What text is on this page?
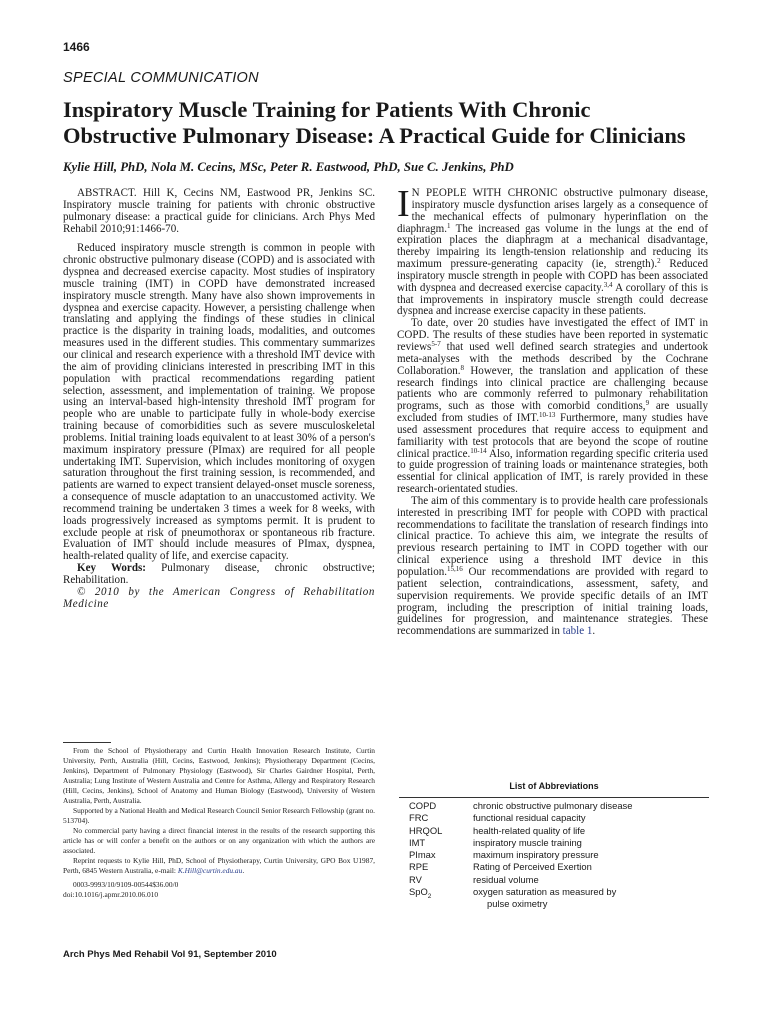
1466
SPECIAL COMMUNICATION
Inspiratory Muscle Training for Patients With Chronic
Obstructive Pulmonary Disease: A Practical Guide for Clinicians
Kylie Hill, PhD, Nola M. Cecins, MSc, Peter R. Eastwood, PhD, Sue C. Jenkins, PhD

ABSTRACT. Hill K, Cecins NM, Eastwood PR, Jenkins SC. Inspiratory muscle training for patients with chronic obstructive pulmonary disease: a practical guide for clinicians. Arch Phys Med Rehabil 2010;91:1466-70.

Reduced inspiratory muscle strength is common in people with chronic obstructive pulmonary disease (COPD) and is associated with dyspnea and decreased exercise capacity. Most studies of inspiratory muscle training (IMT) in COPD have demonstrated increased inspiratory muscle strength. Many have also shown improvements in dyspnea and exercise capacity. However, a persisting challenge when translating and applying the findings of these studies in clinical practice is the disparity in training loads, modalities, and outcomes measures used in the different studies. This commentary summarizes our clinical and research experience with a threshold IMT device with the aim of providing clinicians interested in prescribing IMT in this population with practical recommendations regarding patient selection, assessment, and implementation of training. We propose using an interval-based high-intensity threshold IMT program for people who are unable to participate fully in whole-body exercise training because of comorbidities such as severe musculoskeletal problems. Initial training loads equivalent to at least 30% of a person's maximum inspiratory pressure (PImax) are required for all people undertaking IMT. Supervision, which includes monitoring of oxygen saturation throughout the first training session, is recommended, and patients are warned to expect transient delayed-onset muscle soreness, a consequence of muscle adaptation to an unaccustomed activity. We recommend training be undertaken 3 times a week for 8 weeks, with loads progressively increased as symptoms permit. It is prudent to exclude people at risk of pneumothorax or spontaneous rib fracture. Evaluation of IMT should include measures of PImax, dyspnea, health-related quality of life, and exercise capacity.

Key Words: Pulmonary disease, chronic obstructive; Rehabilitation.

© 2010 by the American Congress of Rehabilitation Medicine

I N PEOPLE WITH CHRONIC obstructive pulmonary disease, inspiratory muscle dysfunction arises largely as a consequence of the mechanical effects of pulmonary hyperinflation on the diaphragm.$^1$ The increased gas volume in the lungs at the end of expiration places the diaphragm at a mechanical disadvantage, thereby impairing its length-tension relationship and reducing its maximum pressure-generating capacity (ie, strength).$^2$ Reduced inspiratory muscle strength in people with COPD has been associated with dyspnea and decreased exercise capacity.$^{3,4}$ A corollary of this is that improvements in inspiratory muscle strength could decrease dyspnea and increase exercise capacity in these patients.

To date, over 20 studies have investigated the effect of IMT in COPD. The results of these studies have been reported in systematic reviews$^{5-7}$ that used well defined search strategies and undertook meta-analyses with the methods described by the Cochrane Collaboration.$^8$ However, the translation and application of these research findings into clinical practice are challenging because patients who are commonly referred to pulmonary rehabilitation programs, such as those with comorbid conditions,$^9$ are usually excluded from studies of IMT.$^{10-13}$ Furthermore, many studies have used assessment procedures that require access to equipment and familiarity with test protocols that are beyond the scope of routine clinical practice.$^{10-14}$ Also, information regarding specific criteria used to guide progression of training loads or maintenance strategies, both essential for clinical application of IMT, is rarely provided in these research-orientated studies.

The aim of this commentary is to provide health care professionals interested in prescribing IMT for people with COPD with practical recommendations to facilitate the translation of research findings into clinical practice. To achieve this aim, we integrate the results of previous research pertaining to IMT in COPD together with our clinical experience using a threshold IMT device in this population.$^{15,16}$ Our recommendations are provided with regard to patient selection, contraindications, assessment, safety, and supervision requirements. We provide specific details of an IMT program, including the prescription of initial training loads, guidelines for progression, and maintenance strategies. These recommendations are summarized in table 1.

From the School of Physiotherapy and Curtin Health Innovation Research Institute, Curtin University, Perth, Australia (Hill, Cecins, Eastwood, Jenkins); Physiotherapy Department (Cecins, Jenkins), Department of Pulmonary Physiology (Eastwood), Sir Charles Gairdner Hospital, Perth, Australia; Lung Institute of Western Australia and Centre for Asthma, Allergy and Respiratory Research (Hill, Cecins, Jenkins), School of Anatomy and Human Biology (Eastwood), University of Western Australia, Perth, Australia.

Supported by a National Health and Medical Research Council Senior Research Fellowship (grant no. 513704).

No commercial party having a direct financial interest in the results of the research supporting this article has or will confer a benefit on the authors or on any organization with which the authors are associated.

Reprint requests to Kylie Hill, PhD, School of Physiotherapy, Curtin University, GPO Box U1987, Perth, 6845 Western Australia, e-mail: K.Hill@curtin.edu.au.

0003-9993/10/9109-00544$36.00/0

doi:10.1016/j.apmr.2010.06.010

Arch Phys Med Rehabil Vol 91, September 2010
List of Abbreviations
COPD	chronic obstructive pulmonary disease
FRC	functional residual capacity
HRQOL	health-related quality of life
IMT	inspiratory muscle training
PImax	maximum inspiratory pressure
RPE	Rating of Perceived Exertion
RV	residual volume
SpO$_2$	oxygen saturation as measured by
pulse oximetry
